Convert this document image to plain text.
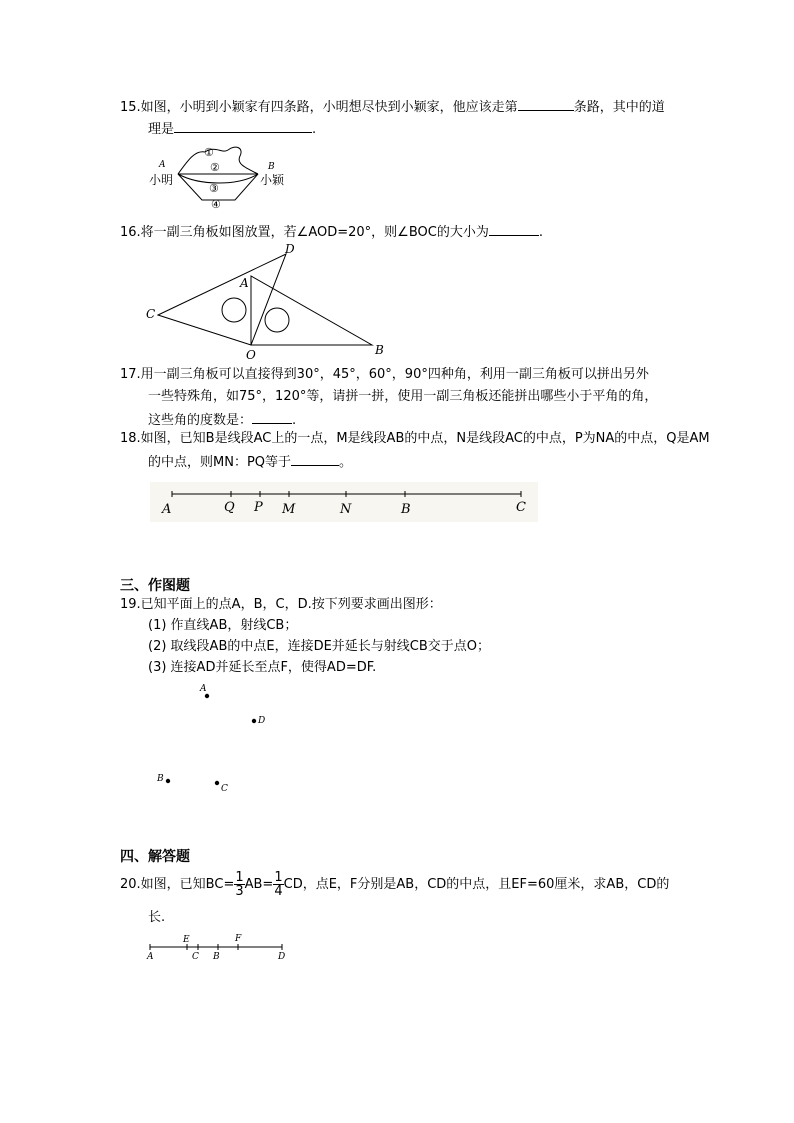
15.如图，小明到小颖家有四条路，小明想尽快到小颖家，他应该走第	条路，其中的道
理是	.
A
小明
B
小颖
①
②
③
④
16.将一副三角板如图放置，若∠AOD=20°，则∠BOC的大小为	.
C
A
D
O	B
17.用一副三角板可以直接得到30°，45°，60°，90°四种角，利用一副三角板可以拼出另外
一些特殊角，如75°，120°等，请拼一拼，使用一副三角板还能拼出哪些小于平角的角，
这些角的度数是：	.
18.如图，已知B是线段AC上的一点，M是线段AB的中点，N是线段AC的中点，P为NA的中点，Q是AM
的中点，则MN：PQ等于	。
A	Q P M	N	B	C
三、作图题
19.已知平面上的点A，B，C，D.按下列要求画出图形：
(1) 作直线AB，射线CB；
(2) 取线段AB的中点E，连接DE并延长与射线CB交于点O；
(3) 连接AD并延长至点F，使得AD=DF.
A
D
B
C
四、解答题
20.如图，已知$BC= \frac{1}{3} AB= \frac{1}{4}$ CD，点E，F分别是AB，CD的中点，且EF=60厘米，求AB，CD的
长.
E	F
A	C B	D
